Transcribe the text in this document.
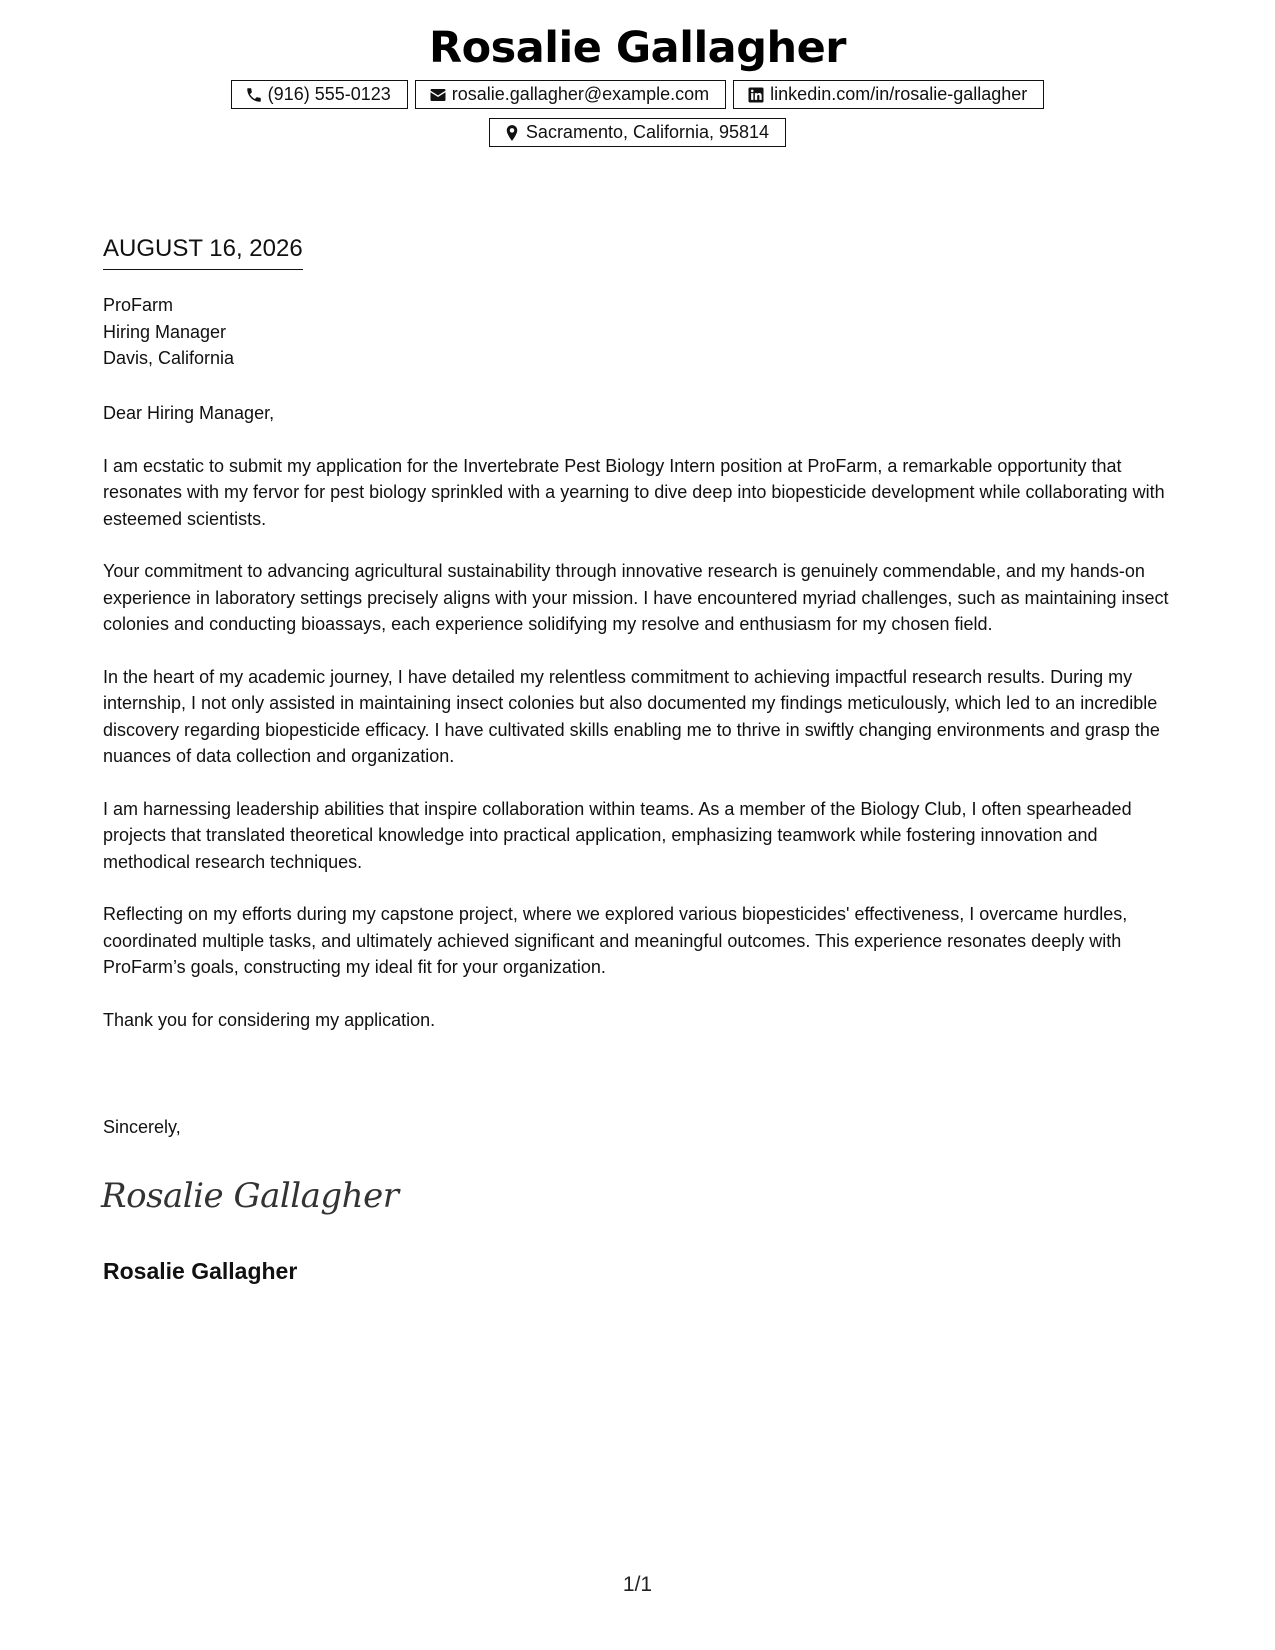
Rosalie Gallagher
(916) 555-0123	rosalie.gallagher@example.com	linkedin.com/in/rosalie-gallagher
Sacramento, California, 95814
AUGUST 16, 2026
ProFarm
Hiring Manager
Davis, California

Dear Hiring Manager,

I am ecstatic to submit my application for the Invertebrate Pest Biology Intern position at ProFarm, a remarkable opportunity that resonates with my fervor for pest biology sprinkled with a yearning to dive deep into biopesticide development while collaborating with esteemed scientists.

Your commitment to advancing agricultural sustainability through innovative research is genuinely commendable, and my hands-on experience in laboratory settings precisely aligns with your mission. I have encountered myriad challenges, such as maintaining insect colonies and conducting bioassays, each experience solidifying my resolve and enthusiasm for my chosen field.

In the heart of my academic journey, I have detailed my relentless commitment to achieving impactful research results. During my internship, I not only assisted in maintaining insect colonies but also documented my findings meticulously, which led to an incredible discovery regarding biopesticide efficacy. I have cultivated skills enabling me to thrive in swiftly changing environments and grasp the nuances of data collection and organization.

I am harnessing leadership abilities that inspire collaboration within teams. As a member of the Biology Club, I often spearheaded projects that translated theoretical knowledge into practical application, emphasizing teamwork while fostering innovation and methodical research techniques.

Reflecting on my efforts during my capstone project, where we explored various biopesticides' effectiveness, I overcame hurdles, coordinated multiple tasks, and ultimately achieved significant and meaningful outcomes. This experience resonates deeply with ProFarm’s goals, constructing my ideal fit for your organization.

Thank you for considering my application.

Sincerely,
Rosalie Gallagher
Rosalie Gallagher
1/1
